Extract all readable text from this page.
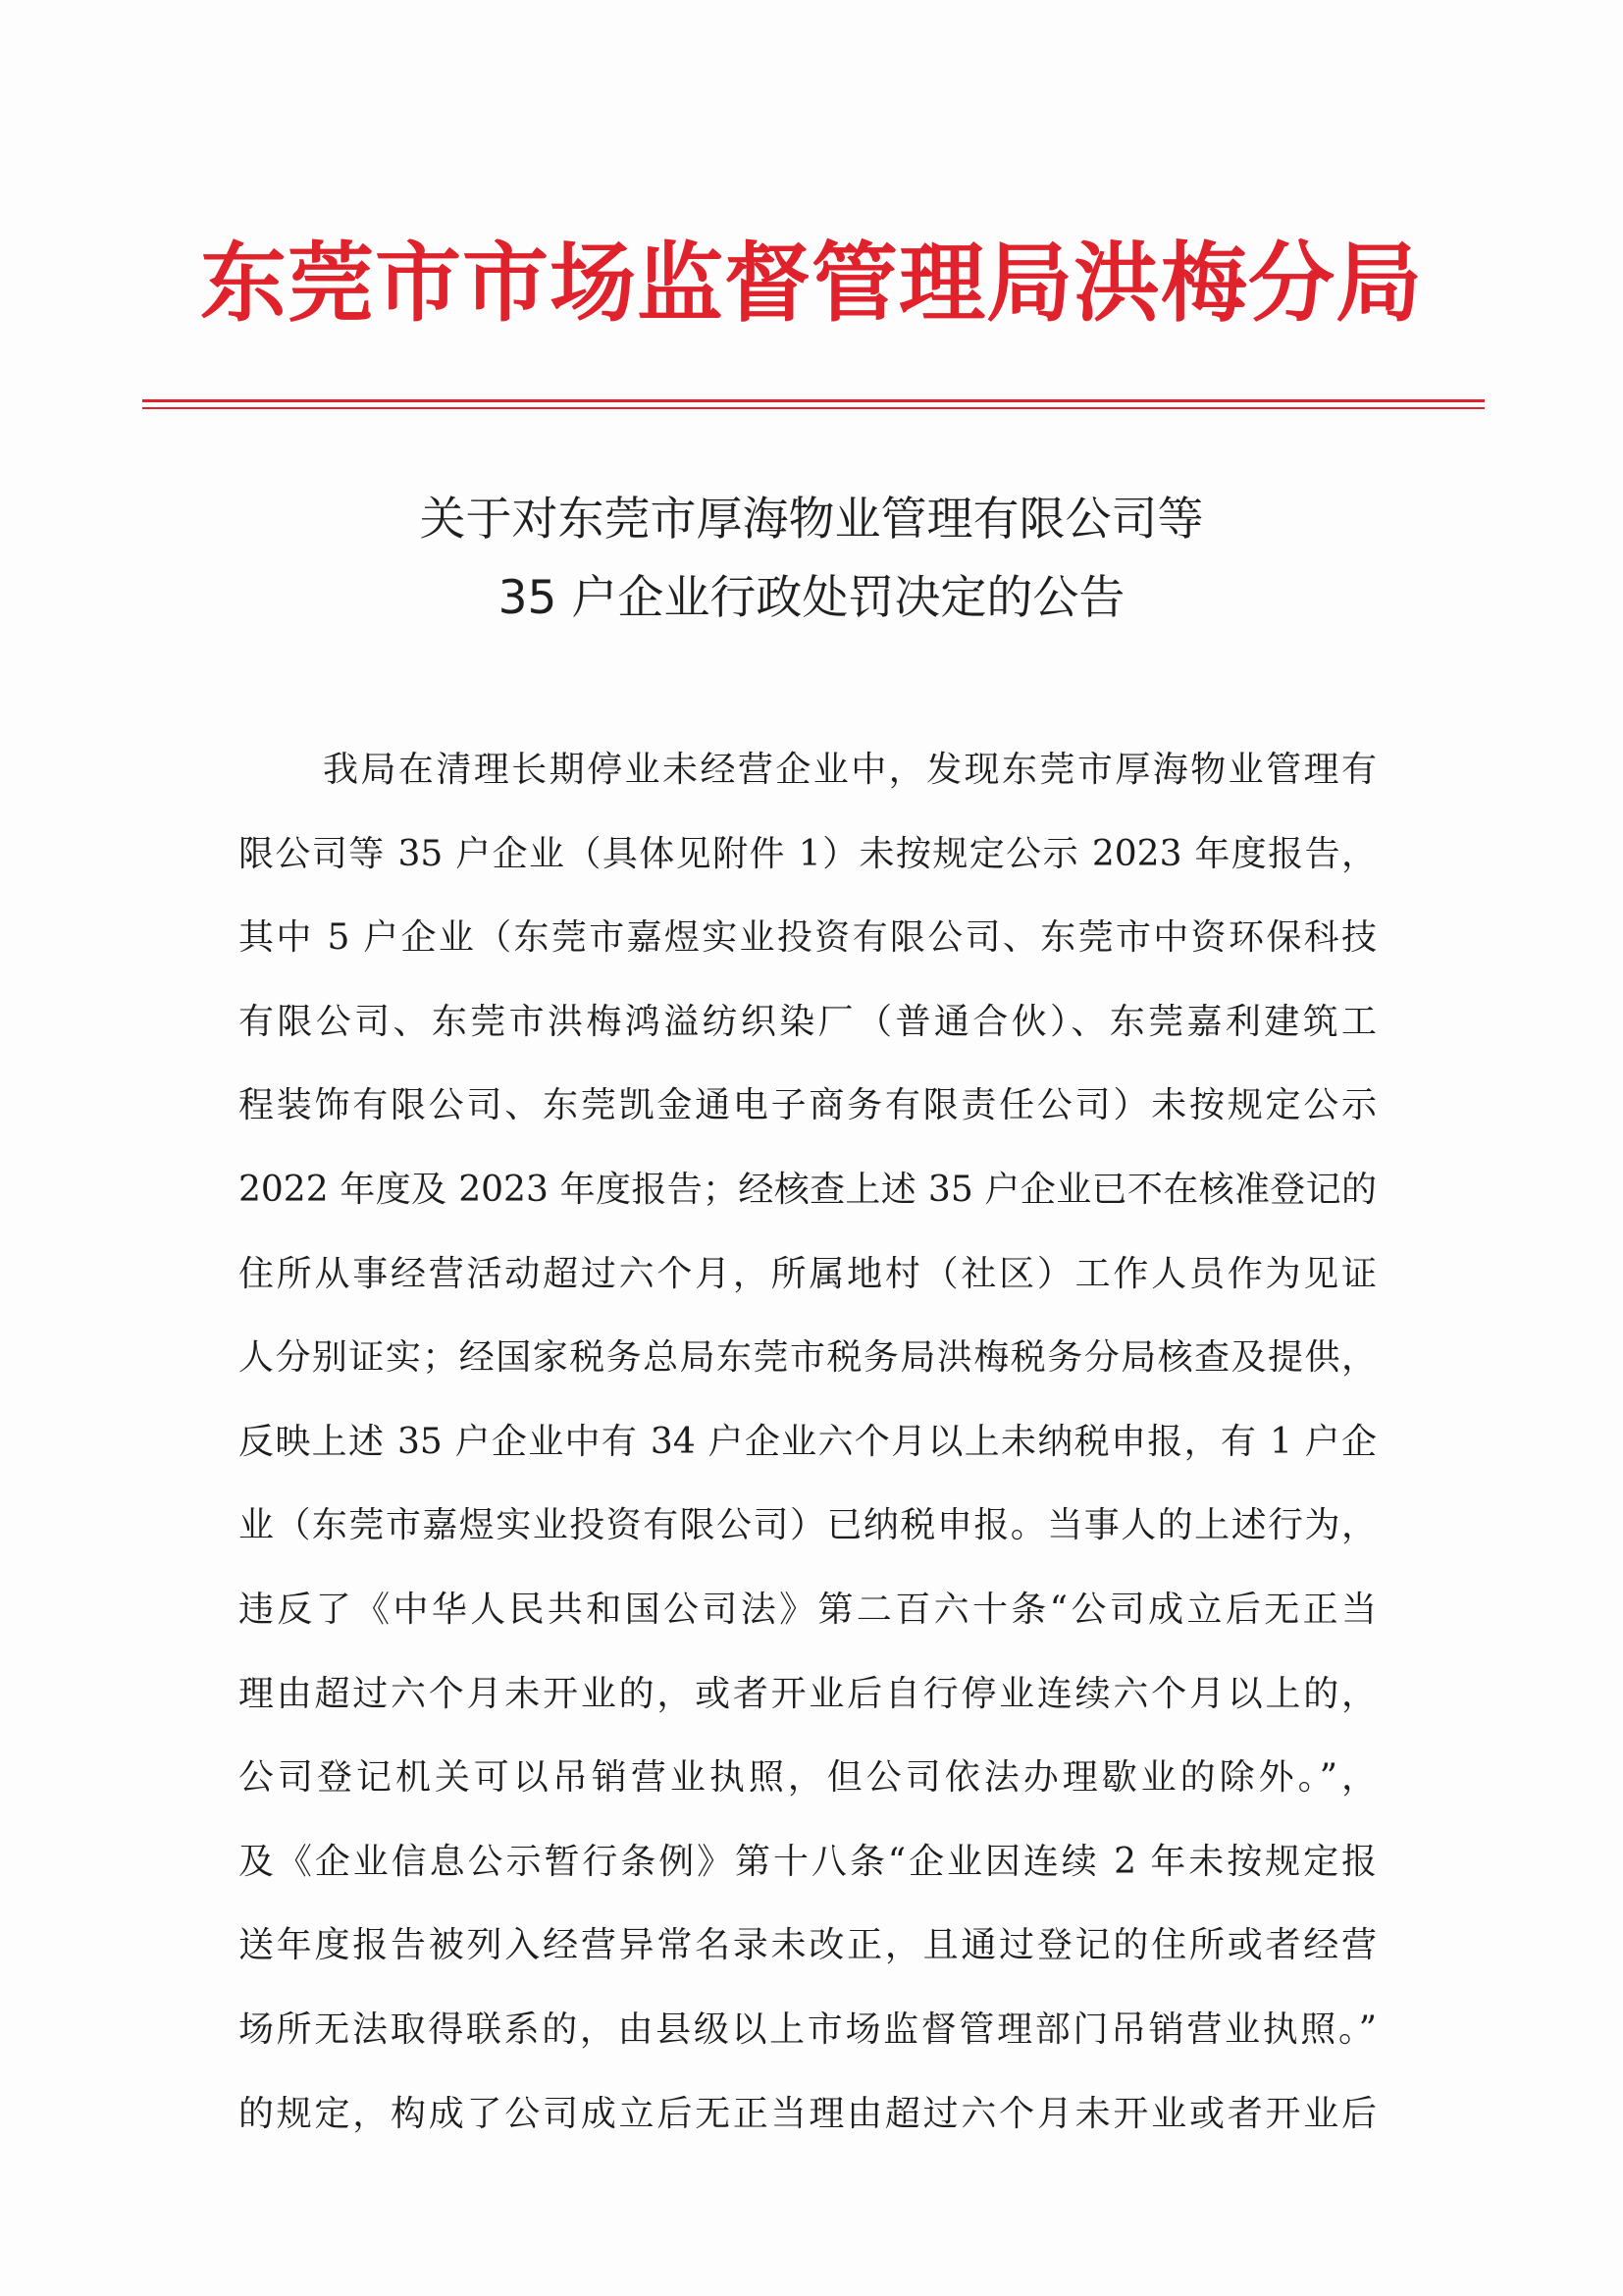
东莞市市场监督管理局洪梅分局
关于对东莞市厚海物业管理有限公司等
35 户企业行政处罚决定的公告
我局在清理长期停业未经营企业中，发现东莞市厚海物业管理有
限公司等 35 户企业（具体见附件 1）未按规定公示 2023 年度报告，
其中 5 户企业（东莞市嘉煜实业投资有限公司、东莞市中资环保科技
有限公司、东莞市洪梅鸿溢纺织染厂（普通合伙）、东莞嘉利建筑工
程装饰有限公司、东莞凯金通电子商务有限责任公司）未按规定公示
2022 年度及 2023 年度报告；经核查上述 35 户企业已不在核准登记的
住所从事经营活动超过六个月，所属地村（社区）工作人员作为见证
人分别证实；经国家税务总局东莞市税务局洪梅税务分局核查及提供，
反映上述 35 户企业中有 34 户企业六个月以上未纳税申报，有 1 户企
业（东莞市嘉煜实业投资有限公司）已纳税申报。当事人的上述行为，
违反了《中华人民共和国公司法》第二百六十条“公司成立后无正当
理由超过六个月未开业的，或者开业后自行停业连续六个月以上的，
公司登记机关可以吊销营业执照，但公司依法办理歇业的除外。”，
及《企业信息公示暂行条例》第十八条“企业因连续 2 年未按规定报
送年度报告被列入经营异常名录未改正，且通过登记的住所或者经营
场所无法取得联系的，由县级以上市场监督管理部门吊销营业执照。”
的规定，构成了公司成立后无正当理由超过六个月未开业或者开业后
